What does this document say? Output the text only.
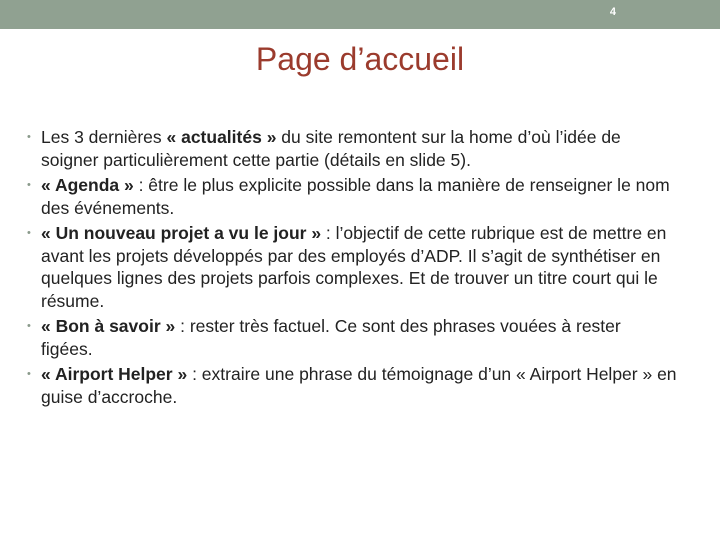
4
Page d’accueil
• Les 3 dernières « actualités » du site remontent sur la home d’où l’idée de soigner particulièrement cette partie (détails en slide 5).
• « Agenda » : être le plus explicite possible dans la manière de renseigner le nom des événements.
• « Un nouveau projet a vu le jour » : l’objectif de cette rubrique est de mettre en avant les projets développés par des employés d’ADP. Il s’agit de synthétiser en quelques lignes des projets parfois complexes. Et de trouver un titre court qui le résume.
• « Bon à savoir » : rester très factuel. Ce sont des phrases vouées à rester figées.
• « Airport Helper » : extraire une phrase du témoignage d’un « Airport Helper » en guise d’accroche.
